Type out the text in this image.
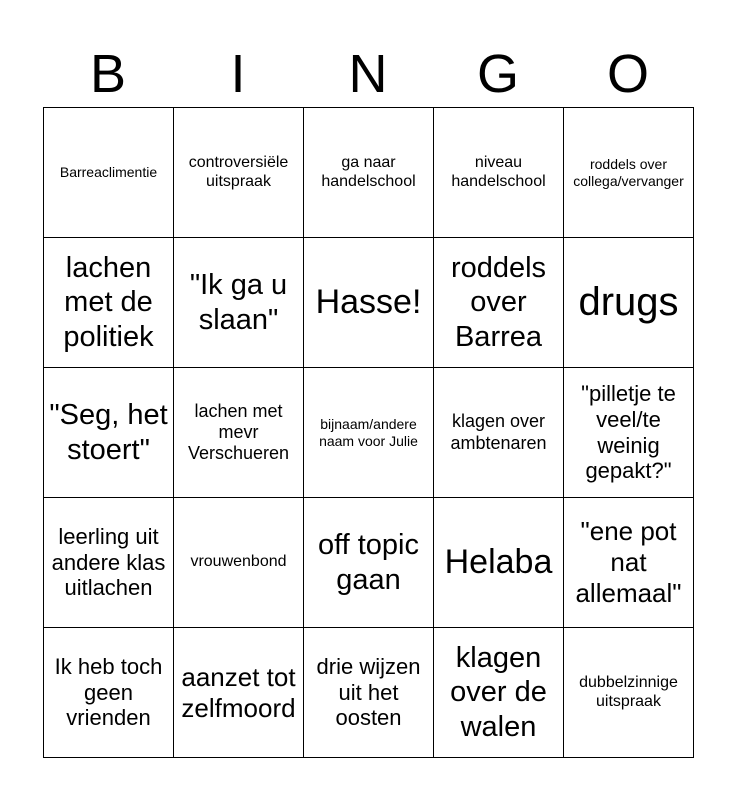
B	I	N	G	O
Barreaclimentie	controversiële uitspraak	ga naar handelschool	niveau handelschool	roddels over collega/vervanger
lachen met de politiek	"Ik ga u slaan"	Hasse!	roddels over Barrea	drugs
"Seg, het stoert"	lachen met mevr Verschueren	bijnaam/andere naam voor Julie	klagen over ambtenaren	"pilletje te veel/te weinig gepakt?"
leerling uit andere klas uitlachen	vrouwenbond	off topic gaan	Helaba	"ene pot nat allemaal"
Ik heb toch geen vrienden	aanzet tot zelfmoord	drie wijzen uit het oosten	klagen over de walen	dubbelzinnige uitspraak
